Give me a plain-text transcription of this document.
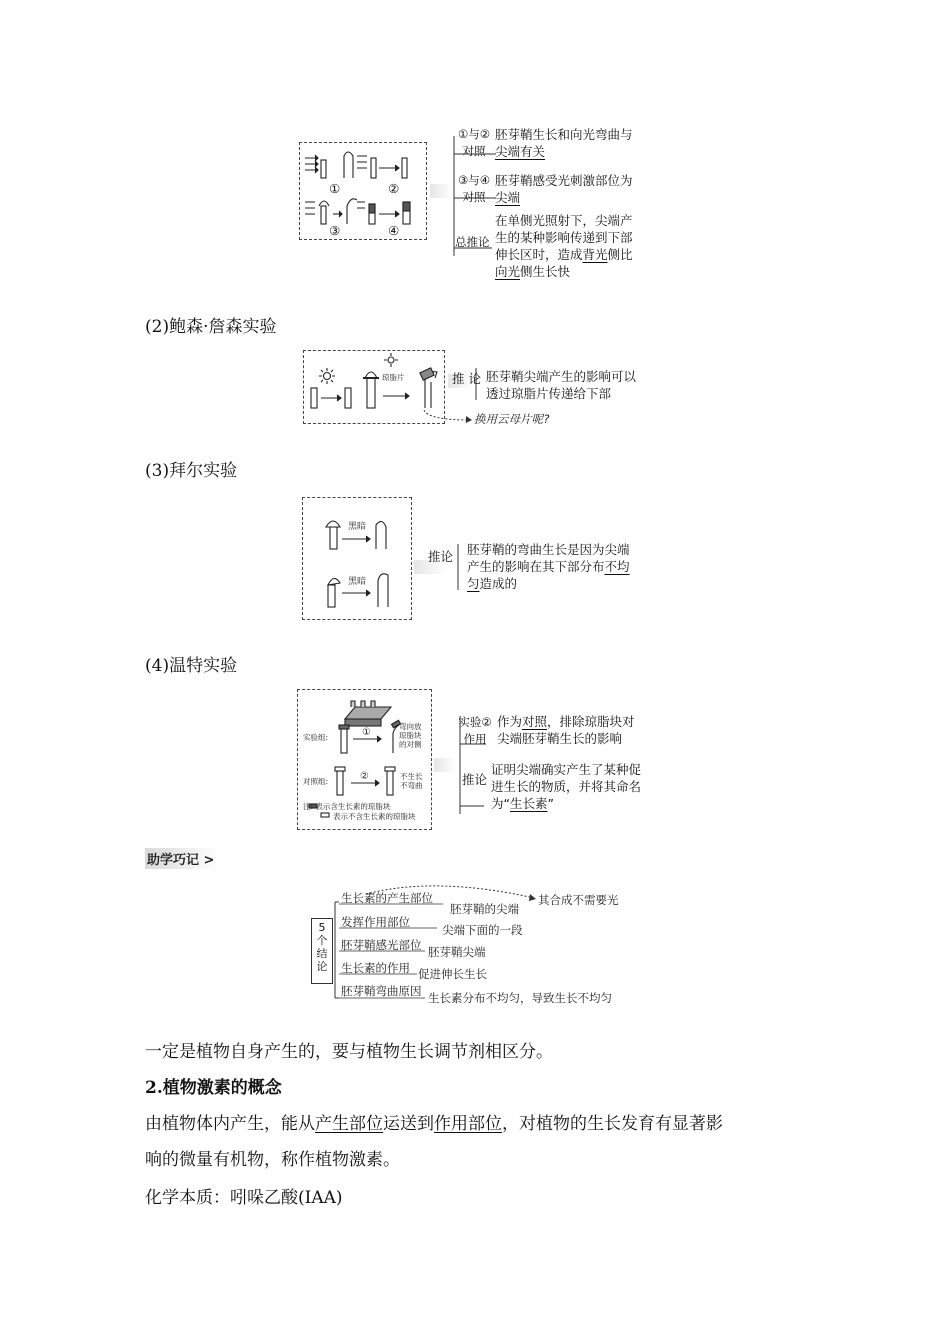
①	②
③	④
①与②
对照
胚芽鞘生长和向光弯曲与
尖端有关
③与④
对照
胚芽鞘感受光刺激部位为
尖端
总推论
在单侧光照射下，尖端产
生的某种影响传递到下部
伸长区时，造成背光侧比
向光侧生长快
(2)鲍森·詹森实验
琼脂片	推 论 胚芽鞘尖端产生的影响可以
透过琼脂片传递给下部
换用云母片呢?
(3)拜尔实验
黑暗
黑暗
推论 胚芽鞘的弯曲生长是因为尖端
产生的影响在其下部分布不均
匀造成的
(4)温特实验
实验组:
对照组:
①
②
弯向放
琼脂块
的对侧
不生长
不弯曲
注: 表示含生长素的琼脂块
表示不含生长素的琼脂块
实验②
作用
作为对照，排除琼脂块对
尖端胚芽鞘生长的影响
推论
证明尖端确实产生了某种促
进生长的物质，并将其命名
为“生长素”
助学巧记 >
5
个
结
论
其合成不需要光
生长素的产生部位
胚芽鞘的尖端
发挥作用部位
尖端下面的一段
胚芽鞘感光部位 胚芽鞘尖端
生长素的作用 促进伸长生长
胚芽鞘弯曲原因 生长素分布不均匀，导致生长不均匀
一定是植物自身产生的，要与植物生长调节剂相区分。
2.植物激素的概念
由植物体内产生，能从产生部位运送到作用部位，对植物的生长发育有显著影
响的微量有机物，称作植物激素。
化学本质：吲哚乙酸(IAA)
